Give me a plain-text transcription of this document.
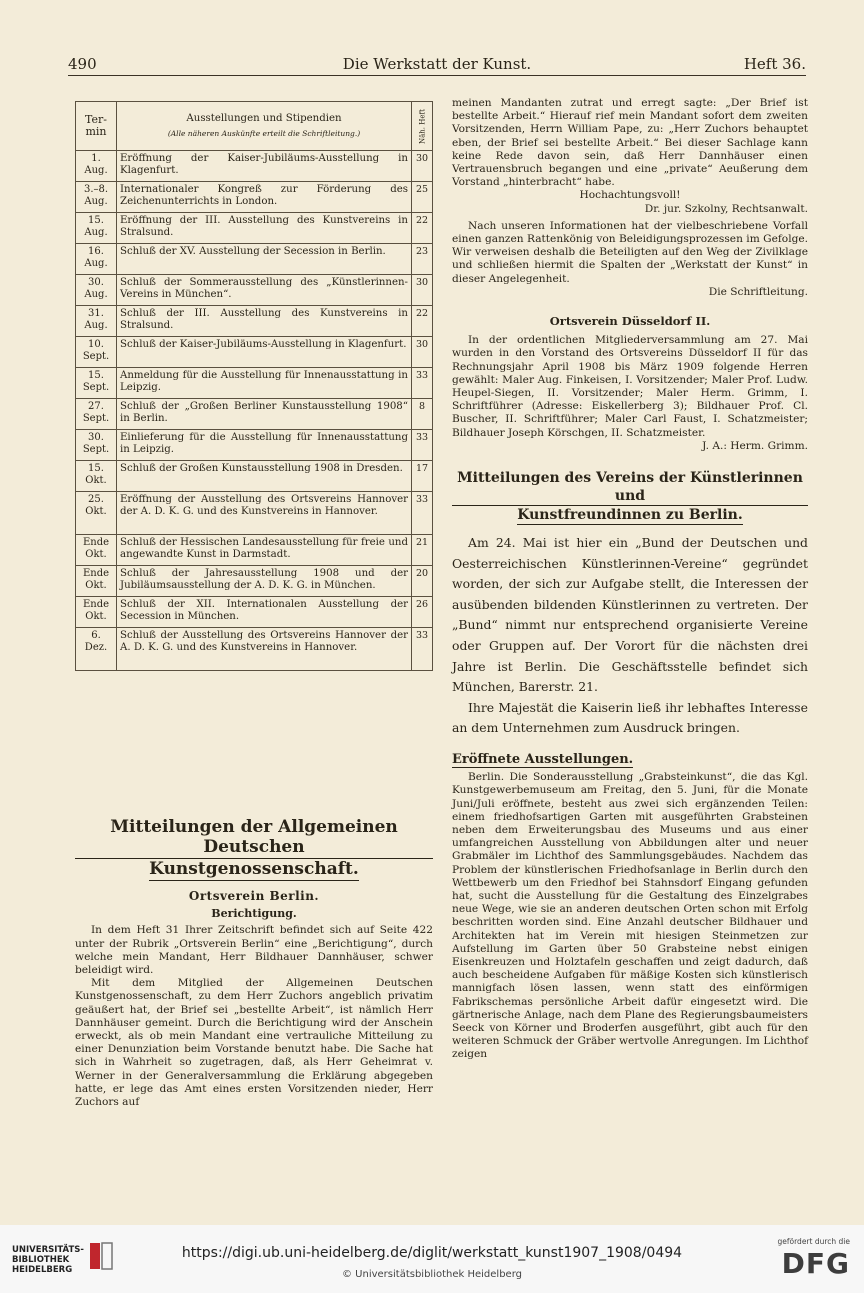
490	Die Werkstatt der Kunst.	Heft 36.
Ter-
min	Ausstellungen und Stipendien
(Alle näheren Auskünfte erteilt die Schriftleitung.)	Näh. Heft
1.
Aug.	Eröffnung der Kaiser-Jubiläums-Ausstellung in Klagenfurt.	30
3.–8.
Aug.	Internationaler Kongreß zur Förderung des Zeichenunterrichts in London.	25
15.
Aug.	Eröffnung der III. Ausstellung des Kunstvereins in Stralsund.	22
16.
Aug.	Schluß der XV. Ausstellung der Secession in Berlin.	23
30.
Aug.	Schluß der Sommerausstellung des „Künstlerinnen-Vereins in München“.	30
31.
Aug.	Schluß der III. Ausstellung des Kunstvereins in Stralsund.	22
10.
Sept.	Schluß der Kaiser-Jubiläums-Ausstellung in Klagenfurt.	30
15.
Sept.	Anmeldung für die Ausstellung für Innenausstattung in Leipzig.	33
27.
Sept.	Schluß der „Großen Berliner Kunstausstellung 1908“ in Berlin.	8
30.
Sept.	Einlieferung für die Ausstellung für Innenausstattung in Leipzig.	33
15.
Okt.	Schluß der Großen Kunstausstellung 1908 in Dresden.	17
25.
Okt.	Eröffnung der Ausstellung des Ortsvereins Hannover der A. D. K. G. und des Kunstvereins in Hannover.	33
Ende
Okt.	Schluß der Hessischen Landesausstellung für freie und angewandte Kunst in Darmstadt.	21
Ende
Okt.	Schluß der Jahresausstellung 1908 und der Jubiläumsausstellung der A. D. K. G. in München.	20
Ende
Okt.	Schluß der XII. Internationalen Ausstellung der Secession in München.	26
6.
Dez.	Schluß der Ausstellung des Ortsvereins Hannover der A. D. K. G. und des Kunstvereins in Hannover.	33
Mitteilungen der Allgemeinen Deutschen
Kunstgenossenschaft.
Ortsverein Berlin.
Berichtigung.

In dem Heft 31 Ihrer Zeitschrift befindet sich auf Seite 422 unter der Rubrik „Ortsverein Berlin“ eine „Berichtigung“, durch welche mein Mandant, Herr Bildhauer Dannhäuser, schwer beleidigt wird.

Mit dem Mitglied der Allgemeinen Deutschen Kunstgenossenschaft, zu dem Herr Zuchors angeblich privatim geäußert hat, der Brief sei „bestellte Arbeit“, ist nämlich Herr Dannhäuser gemeint. Durch die Berichtigung wird der Anschein erweckt, als ob mein Mandant eine vertrauliche Mitteilung zu einer Denunziation beim Vorstande benutzt habe. Die Sache hat sich in Wahrheit so zugetragen, daß, als Herr Geheimrat v. Werner in der Generalversammlung die Erklärung abgegeben hatte, er lege das Amt eines ersten Vorsitzenden nieder, Herr Zuchors auf

meinen Mandanten zutrat und erregt sagte: „Der Brief ist bestellte Arbeit.“ Hierauf rief mein Mandant sofort dem zweiten Vorsitzenden, Herrn William Pape, zu: „Herr Zuchors behauptet eben, der Brief sei bestellte Arbeit.“ Bei dieser Sachlage kann keine Rede davon sein, daß Herr Dannhäuser einen Vertrauensbruch begangen und eine „private“ Aeußerung dem Vorstand „hinterbracht“ habe.

Hochachtungsvoll!
Dr. jur. Szkolny, Rechtsanwalt.

Nach unseren Informationen hat der vielbeschriebene Vorfall einen ganzen Rattenkönig von Beleidigungsprozessen im Gefolge. Wir verweisen deshalb die Beteiligten auf den Weg der Zivilklage und schließen hiermit die Spalten der „Werkstatt der Kunst“ in dieser Angelegenheit.

Die Schriftleitung.
Ortsverein Düsseldorf II.

In der ordentlichen Mitgliederversammlung am 27. Mai wurden in den Vorstand des Ortsvereins Düsseldorf II für das Rechnungsjahr April 1908 bis März 1909 folgende Herren gewählt: Maler Aug. Finkeisen, I. Vorsitzender; Maler Prof. Ludw. Heupel-Siegen, II. Vorsitzender; Maler Herm. Grimm, I. Schriftführer (Adresse: Eiskellerberg 3); Bildhauer Prof. Cl. Buscher, II. Schriftführer; Maler Carl Faust, I. Schatzmeister; Bildhauer Joseph Körschgen, II. Schatzmeister.

J. A.: Herm. Grimm.
Mitteilungen des Vereins der Künstlerinnen und
Kunstfreundinnen zu Berlin.

Am 24. Mai ist hier ein „Bund der Deutschen und Oesterreichischen Künstlerinnen-Vereine“ gegründet worden, der sich zur Aufgabe stellt, die Interessen der ausübenden bildenden Künstlerinnen zu vertreten. Der „Bund“ nimmt nur entsprechend organisierte Vereine oder Gruppen auf. Der Vorort für die nächsten drei Jahre ist Berlin. Die Geschäftsstelle befindet sich München, Barerstr. 21.

Ihre Majestät die Kaiserin ließ ihr lebhaftes Interesse an dem Unternehmen zum Ausdruck bringen.

Eröffnete Ausstellungen.

Berlin. Die Sonderausstellung „Grabsteinkunst“, die das Kgl. Kunstgewerbemuseum am Freitag, den 5. Juni, für die Monate Juni/Juli eröffnete, besteht aus zwei sich ergänzenden Teilen: einem friedhofsartigen Garten mit ausgeführten Grabsteinen neben dem Erweiterungsbau des Museums und aus einer umfangreichen Ausstellung von Abbildungen alter und neuer Grabmäler im Lichthof des Sammlungsgebäudes. Nachdem das Problem der künstlerischen Friedhofsanlage in Berlin durch den Wettbewerb um den Friedhof bei Stahnsdorf Eingang gefunden hat, sucht die Ausstellung für die Gestaltung des Einzelgrabes neue Wege, wie sie an anderen deutschen Orten schon mit Erfolg beschritten worden sind. Eine Anzahl deutscher Bildhauer und Architekten hat im Verein mit hiesigen Steinmetzen zur Aufstellung im Garten über 50 Grabsteine nebst einigen Eisenkreuzen und Holztafeln geschaffen und zeigt dadurch, daß auch bescheidene Aufgaben für mäßige Kosten sich künstlerisch mannigfach lösen lassen, wenn statt des einförmigen Fabrikschemas persönliche Arbeit dafür eingesetzt wird. Die gärtnerische Anlage, nach dem Plane des Regierungsbaumeisters Seeck von Körner und Broderfen ausgeführt, gibt auch für den weiteren Schmuck der Gräber wertvolle Anregungen. Im Lichthof zeigen

UNIVERSITÄTS-
BIBLIOTHEK
HEIDELBERG
https://digi.ub.uni-heidelberg.de/diglit/werkstatt_kunst1907_1908/0494
© Universitätsbibliothek Heidelberg
gefördert durch die
DFG
